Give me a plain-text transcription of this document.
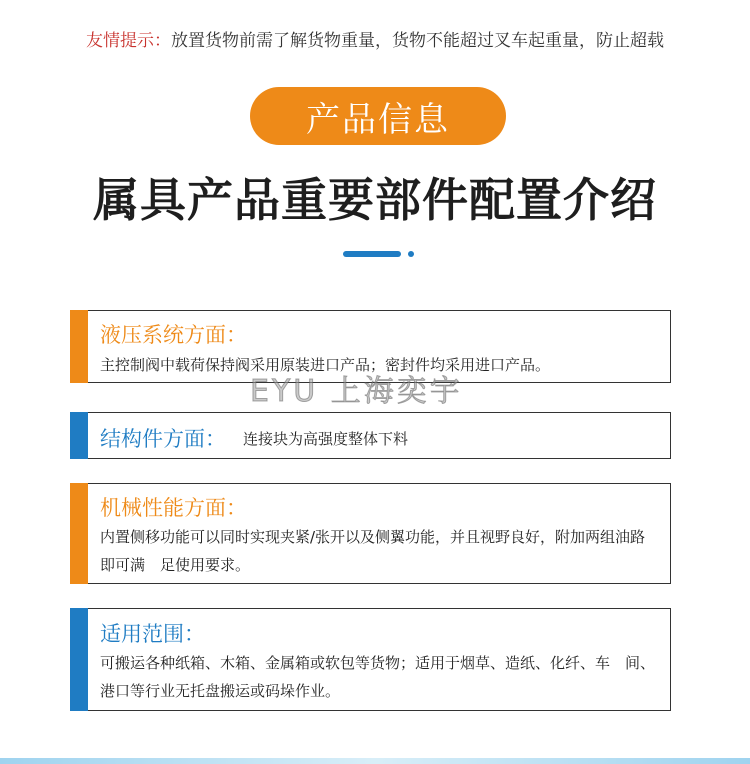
友情提示：放置货物前需了解货物重量，货物不能超过叉车起重量，防止超载
产品信息
属具产品重要部件配置介绍
液压系统方面：
主控制阀中载荷保持阀采用原装进口产品；密封件均采用进口产品。
结构件方面： 连接块为高强度整体下料
机械性能方面：
内置侧移功能可以同时实现夹紧/张开以及侧翼功能，并且视野良好，附加两组油路即可满　足使用要求。
适用范围：
可搬运各种纸箱、木箱、金属箱或软包等货物；适用于烟草、造纸、化纤、车　间、港口等行业无托盘搬运或码垛作业。
EYU 上海奕宇
